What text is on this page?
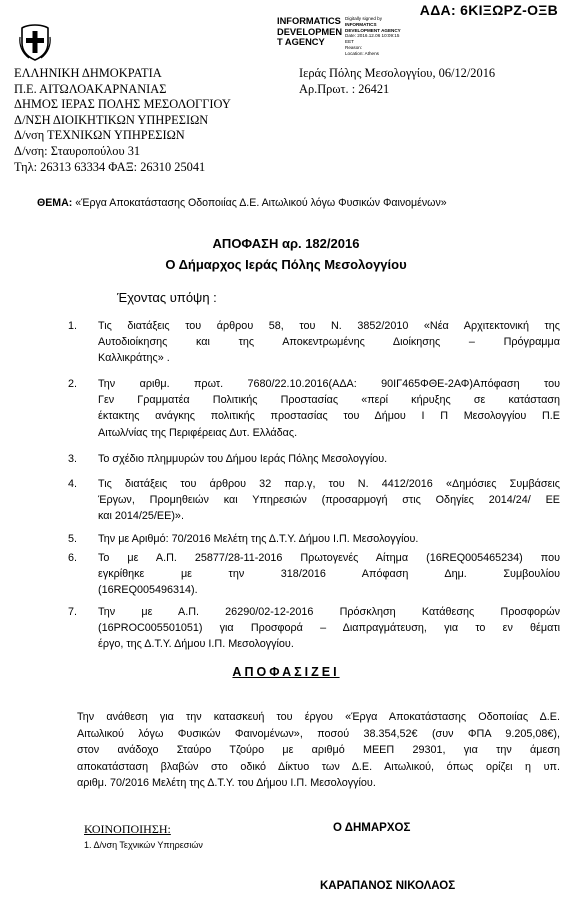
ΑΔΑ: 6ΚΙΞΩΡΖ-ΟΞΒ
INFORMATICS
DEVELOPMEN
T AGENCY
Digitally signed by
INFORMATICS
DEVELOPMENT AGENCY
Date: 2016.12.06 10:09:15
EET
Reason:
Location: Athens
ΕΛΛΗΝΙΚΗ ΔΗΜΟΚΡΑΤΙΑ
Π.Ε. ΑΙΤΩΛΟΑΚΑΡΝΑΝΙΑΣ
ΔΗΜΟΣ ΙΕΡΑΣ ΠΟΛΗΣ ΜΕΣΟΛΟΓΓΙΟΥ
Δ/ΝΣΗ ΔΙΟΙΚΗΤΙΚΩΝ ΥΠΗΡΕΣΙΩΝ
Δ/νση ΤΕΧΝΙΚΩΝ ΥΠΗΡΕΣΙΩΝ
Δ/νση: Σταυροπούλου 31
Τηλ: 26313 63334 ΦΑΞ: 26310 25041
Ιεράς Πόλης Μεσολογγίου, 06/12/2016
Αρ.Πρωτ. : 26421
ΘΕΜΑ: «Έργα Αποκατάστασης Οδοποιίας Δ.Ε. Αιτωλικού λόγω Φυσικών Φαινομένων»
ΑΠΟΦΑΣΗ αρ. 182/2016
Ο Δήμαρχος Ιεράς Πόλης Μεσολογγίου
Έχοντας υπόψη :
1.	Τις διατάξεις του άρθρου 58, του Ν. 3852/2010 «Νέα Αρχιτεκτονική της
Αυτοδιοίκησης και της Αποκεντρωμένης Διοίκησης – Πρόγραμμα
Καλλικράτης» .
2.	Την αριθμ. πρωτ. 7680/22.10.2016(ΑΔΑ: 90ΙΓ465ΦΘΕ-2ΑΦ)Απόφαση του
Γεν Γραμματέα Πολιτικής Προστασίας «περί κήρυξης σε κατάσταση
έκτακτης ανάγκης πολιτικής προστασίας του Δήμου Ι Π Μεσολογγίου Π.Ε
Αιτωλ/νίας της Περιφέρειας Δυτ. Ελλάδας.
3.	Το σχέδιο πλημμυρών του Δήμου Ιεράς Πόλης Μεσολογγίου.
4.	Τις διατάξεις του άρθρου 32 παρ.γ, του Ν. 4412/2016 «Δημόσιες Συμβάσεις
Έργων, Προμηθειών και Υπηρεσιών (προσαρμογή στις Οδηγίες 2014/24/ ΕΕ
και 2014/25/ΕΕ)».
5.	Την με Αριθμό: 70/2016 Μελέτη της Δ.Τ.Υ. Δήμου Ι.Π. Μεσολογγίου.
6.	Το με Α.Π. 25877/28-11-2016 Πρωτογενές Αίτημα (16REQ005465234) που
εγκρίθηκε με την 318/2016 Απόφαση Δημ. Συμβουλίου
(16REQ005496314).
7.	Την με Α.Π. 26290/02-12-2016 Πρόσκληση Κατάθεσης Προσφορών
(16PROC005501051) για Προσφορά – Διαπραγμάτευση, για το εν θέματι
έργο, της Δ.Τ.Υ. Δήμου Ι.Π. Μεσολογγίου.
ΑΠΟΦΑΣΙΖΕΙ
Την ανάθεση για την κατασκευή του έργου «Έργα Αποκατάστασης Οδοποιίας Δ.Ε.
Αιτωλικού λόγω Φυσικών Φαινομένων», ποσού 38.354,52€ (συν ΦΠΑ 9.205,08€),
στον ανάδοχο Σταύρο Τζούρο με αριθμό ΜΕΕΠ 29301, για την άμεση
αποκατάσταση βλαβών στο οδικό Δίκτυο των Δ.Ε. Αιτωλικού, όπως ορίζει η υπ.
αριθμ. 70/2016 Μελέτη της Δ.Τ.Υ. του Δήμου Ι.Π. Μεσολογγίου.
ΚΟΙΝΟΠΟΙΗΣΗ:
1. Δ/νση Τεχνικών Υπηρεσιών
Ο ΔΗΜΑΡΧΟΣ
ΚΑΡΑΠΑΝΟΣ ΝΙΚΟΛΑΟΣ
